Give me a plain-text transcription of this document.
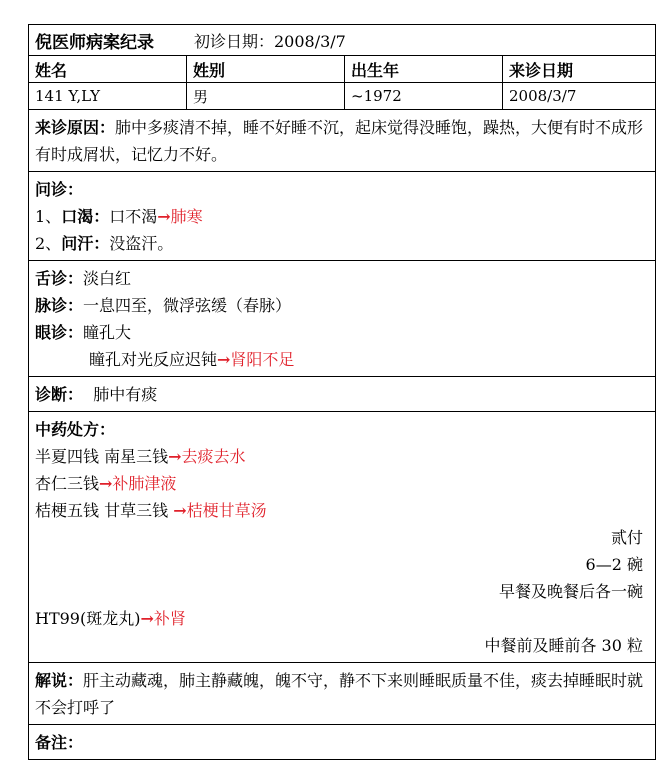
倪医师病案纪录	初诊日期：2008/3/7
姓名	姓别	出生年	来诊日期
141 Y,LY	男	~1972	2008/3/7
来诊原因：肺中多痰清不掉，睡不好睡不沉，起床觉得没睡饱，躁热，大便有时不成形有时成屑状，记忆力不好。
问诊：
1、口渴：口不渴→肺寒
2、问汗：没盗汗。
舌诊：淡白红
脉诊：一息四至，微浮弦缓（春脉）
眼诊：瞳孔大
瞳孔对光反应迟钝→肾阳不足
诊断： 肺中有痰
中药处方：
半夏四钱 南星三钱→去痰去水
杏仁三钱→补肺津液
桔梗五钱 甘草三钱 →桔梗甘草汤
贰付
6—2 碗
早餐及晚餐后各一碗
HT99(斑龙丸)→补肾
中餐前及睡前各 30 粒
解说：肝主动藏魂，肺主静藏魄，魄不守，静不下来则睡眠质量不佳，痰去掉睡眠时就不会打呼了
备注：
